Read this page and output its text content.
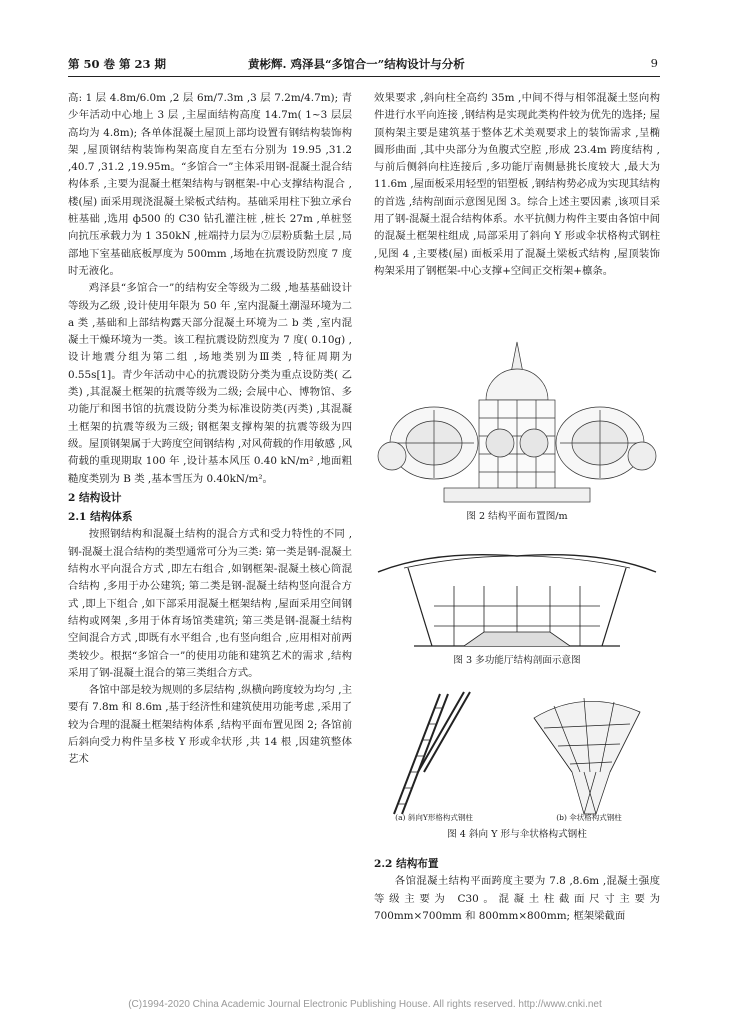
第 50 卷 第 23 期	黄彬辉. 鸡泽县“多馆合一”结构设计与分析	9

高: 1 层 4.8m/6.0m ,2 层 6m/7.3m ,3 层 7.2m/4.7m); 青少年活动中心地上 3 层 ,主屋面结构高度 14.7m( 1~3 层层高均为 4.8m); 各单体混凝土屋顶上部均设置有钢结构装饰构架 ,屋顶钢结构装饰构架高度自左至右分别为 19.95 ,31.2 ,40.7 ,31.2 ,19.95m。“多馆合一”主体采用钢-混凝土混合结构体系 ,主要为混凝土框架结构与钢框架-中心支撑结构混合 ,楼(屋) 面采用现浇混凝土梁板式结构。基础采用柱下独立承台桩基础 ,选用 ф500 的 C30 钻孔灌注桩 ,桩长 27m ,单桩竖向抗压承载力为 1 350kN ,桩端持力层为⑦层粉质黏土层 ,局部地下室基础底板厚度为 500mm ,场地在抗震设防烈度 7 度时无液化。

鸡泽县“多馆合一”的结构安全等级为二级 ,地基基础设计等级为乙级 ,设计使用年限为 50 年 ,室内混凝土潮湿环境为二 a 类 ,基础和上部结构露天部分混凝土环境为二 b 类 ,室内混凝土干燥环境为一类。该工程抗震设防烈度为 7 度( 0.10g) ,设计地震分组为第二组 ,场地类别为Ⅲ类 ,特征周期为 0.55s[1]。青少年活动中心的抗震设防分类为重点设防类( 乙类) ,其混凝土框架的抗震等级为二级; 会展中心、博物馆、多功能厅和图书馆的抗震设防分类为标准设防类(丙类) ,其混凝土框架的抗震等级为三级; 钢框架支撑构架的抗震等级为四级。屋顶钢架属于大跨度空间钢结构 ,对风荷载的作用敏感 ,风荷载的重现期取 100 年 ,设计基本风压 0.40 kN/m² ,地面粗糙度类别为 B 类 ,基本雪压为 0.40kN/m²。

2 结构设计
2.1 结构体系

按照钢结构和混凝土结构的混合方式和受力特性的不同 ,钢-混凝土混合结构的类型通常可分为三类: 第一类是钢-混凝土结构水平向混合方式 ,即左右组合 ,如钢框架-混凝土核心筒混合结构 ,多用于办公建筑; 第二类是钢-混凝土结构竖向混合方式 ,即上下组合 ,如下部采用混凝土框架结构 ,屋面采用空间钢结构或网架 ,多用于体育场馆类建筑; 第三类是钢-混凝土结构空间混合方式 ,即既有水平组合 ,也有竖向组合 ,应用相对前两类较少。根据“多馆合一”的使用功能和建筑艺术的需求 ,结构采用了钢-混凝土混合的第三类组合方式。

各馆中部是较为规则的多层结构 ,纵横向跨度较为均匀 ,主要有 7.8m 和 8.6m ,基于经济性和建筑使用功能考虑 ,采用了较为合理的混凝土框架结构体系 ,结构平面布置见图 2; 各馆前后斜向受力构件呈多枝 Y 形或伞状形 ,共 14 根 ,因建筑整体艺术

效果要求 ,斜向柱全高约 35m ,中间不得与相邻混凝土竖向构件进行水平向连接 ,钢结构是实现此类构件较为优先的选择; 屋顶构架主要是建筑基于整体艺术美观要求上的装饰需求 ,呈椭圆形曲面 ,其中央部分为鱼腹式空腔 ,形成 23.4m 跨度结构 ,与前后侧斜向柱连接后 ,多功能厅南侧悬挑长度较大 ,最大为 11.6m ,屋面板采用轻型的铝塑板 ,钢结构势必成为实现其结构的首选 ,结构剖面示意图见图 3。综合上述主要因素 ,该项目采用了钢-混凝土混合结构体系。水平抗侧力构件主要由各馆中间的混凝土框架柱组成 ,局部采用了斜向 Y 形或伞状格构式钢柱 ,见图 4 ,主要楼(屋) 面板采用了混凝土梁板式结构 ,屋顶装饰构架采用了钢框架-中心支撑+空间正交桁架+檩条。

图 2 结构平面布置图/m
图 3 多功能厅结构剖面示意图
(a) 斜向Y形格构式钢柱	(b) 伞状格构式钢柱
图 4 斜向 Y 形与伞状格构式钢柱
2.2 结构布置

各馆混凝土结构平面跨度主要为 7.8 ,8.6m ,混凝土强度等级主要为 C30。混凝土柱截面尺寸主要为 700mm×700mm 和 800mm×800mm; 框架梁截面

(C)1994-2020 China Academic Journal Electronic Publishing House. All rights reserved. http://www.cnki.net
